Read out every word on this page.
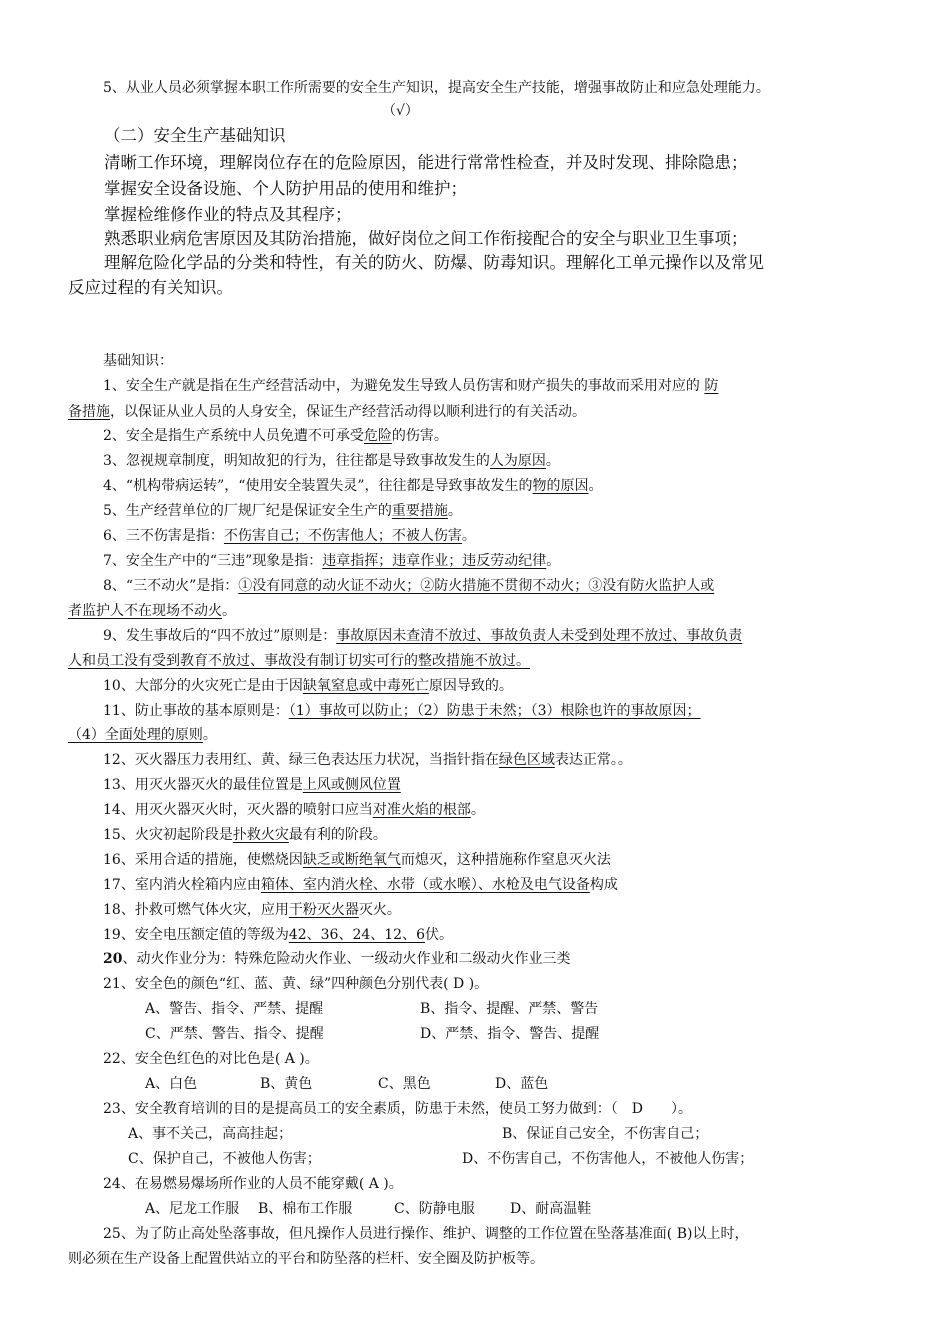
5、从业人员必须掌握本职工作所需要的安全生产知识，提高安全生产技能，增强事故防止和应急处理能力。
（√）
（二）安全生产基础知识
清晰工作环境，理解岗位存在的危险原因，能进行常常性检查，并及时发现、排除隐患；
掌握安全设备设施、个人防护用品的使用和维护；
掌握检维修作业的特点及其程序；
熟悉职业病危害原因及其防治措施，做好岗位之间工作衔接配合的安全与职业卫生事项；
理解危险化学品的分类和特性，有关的防火、防爆、防毒知识。理解化工单元操作以及常见
反应过程的有关知识。
基础知识：
1、安全生产就是指在生产经营活动中，为避免发生导致人员伤害和财产损失的事故而采用对应的 防
备措施，以保证从业人员的人身安全，保证生产经营活动得以顺利进行的有关活动。
2、安全是指生产系统中人员免遭不可承受危险的伤害。
3、忽视规章制度，明知故犯的行为，往往都是导致事故发生的人为原因。
4、“机构带病运转”，“使用安全装置失灵”，往往都是导致事故发生的物的原因。
5、生产经营单位的厂规厂纪是保证安全生产的重要措施。
6、三不伤害是指：不伤害自己；不伤害他人；不被人伤害。
7、安全生产中的“三违”现象是指：违章指挥；违章作业；违反劳动纪律。
8、“三不动火”是指：①没有同意的动火证不动火；②防火措施不贯彻不动火；③没有防火监护人或
者监护人不在现场不动火。
9、发生事故后的“四不放过”原则是：事故原因未查清不放过、事故负责人未受到处理不放过、事故负责
人和员工没有受到教育不放过、事故没有制订切实可行的整改措施不放过。
10、大部分的火灾死亡是由于因缺氧窒息或中毒死亡原因导致的。
11、防止事故的基本原则是：（1）事故可以防止；（2）防患于未然；（3）根除也许的事故原因；
（4）全面处理的原则。
12、灭火器压力表用红、黄、绿三色表达压力状况，当指针指在绿色区域表达正常。。
13、用灭火器灭火的最佳位置是上风或侧风位置
14、用灭火器灭火时，灭火器的喷射口应当对准火焰的根部。
15、火灾初起阶段是扑救火灾最有利的阶段。
16、采用合适的措施，使燃烧因缺乏或断绝氧气而熄灭，这种措施称作窒息灭火法
17、室内消火栓箱内应由箱体、室内消火栓、水带（或水喉）、水枪及电气设备构成
18、扑救可燃气体火灾，应用干粉灭火器灭火。
19、安全电压额定值的等级为42、36、24、12、6伏。
20、动火作业分为：特殊危险动火作业、一级动火作业和二级动火作业三类
21、安全色的颜色“红、蓝、黄、绿”四种颜色分别代表( D )。
A、警告、指令、严禁、提醒	B、指令、提醒、严禁、警告
C、严禁、警告、指令、提醒	D、严禁、指令、警告、提醒
22、安全色红色的对比色是( A )。
A、白色	B、黄色	C、黑色	D、蓝色
23、安全教育培训的目的是提高员工的安全素质，防患于未然，使员工努力做到：（　D　　）。
A、事不关己，高高挂起；	B、保证自己安全，不伤害自己；
C、保护自己，不被他人伤害；	D、不伤害自己，不伤害他人，不被他人伤害；
24、在易燃易爆场所作业的人员不能穿戴( A )。
A、尼龙工作服 B、棉布工作服	C、防静电服	D、耐高温鞋
25、为了防止高处坠落事故，但凡操作人员进行操作、维护、调整的工作位置在坠落基准面( B)以上时，
则必须在生产设备上配置供站立的平台和防坠落的栏杆、安全圈及防护板等。
